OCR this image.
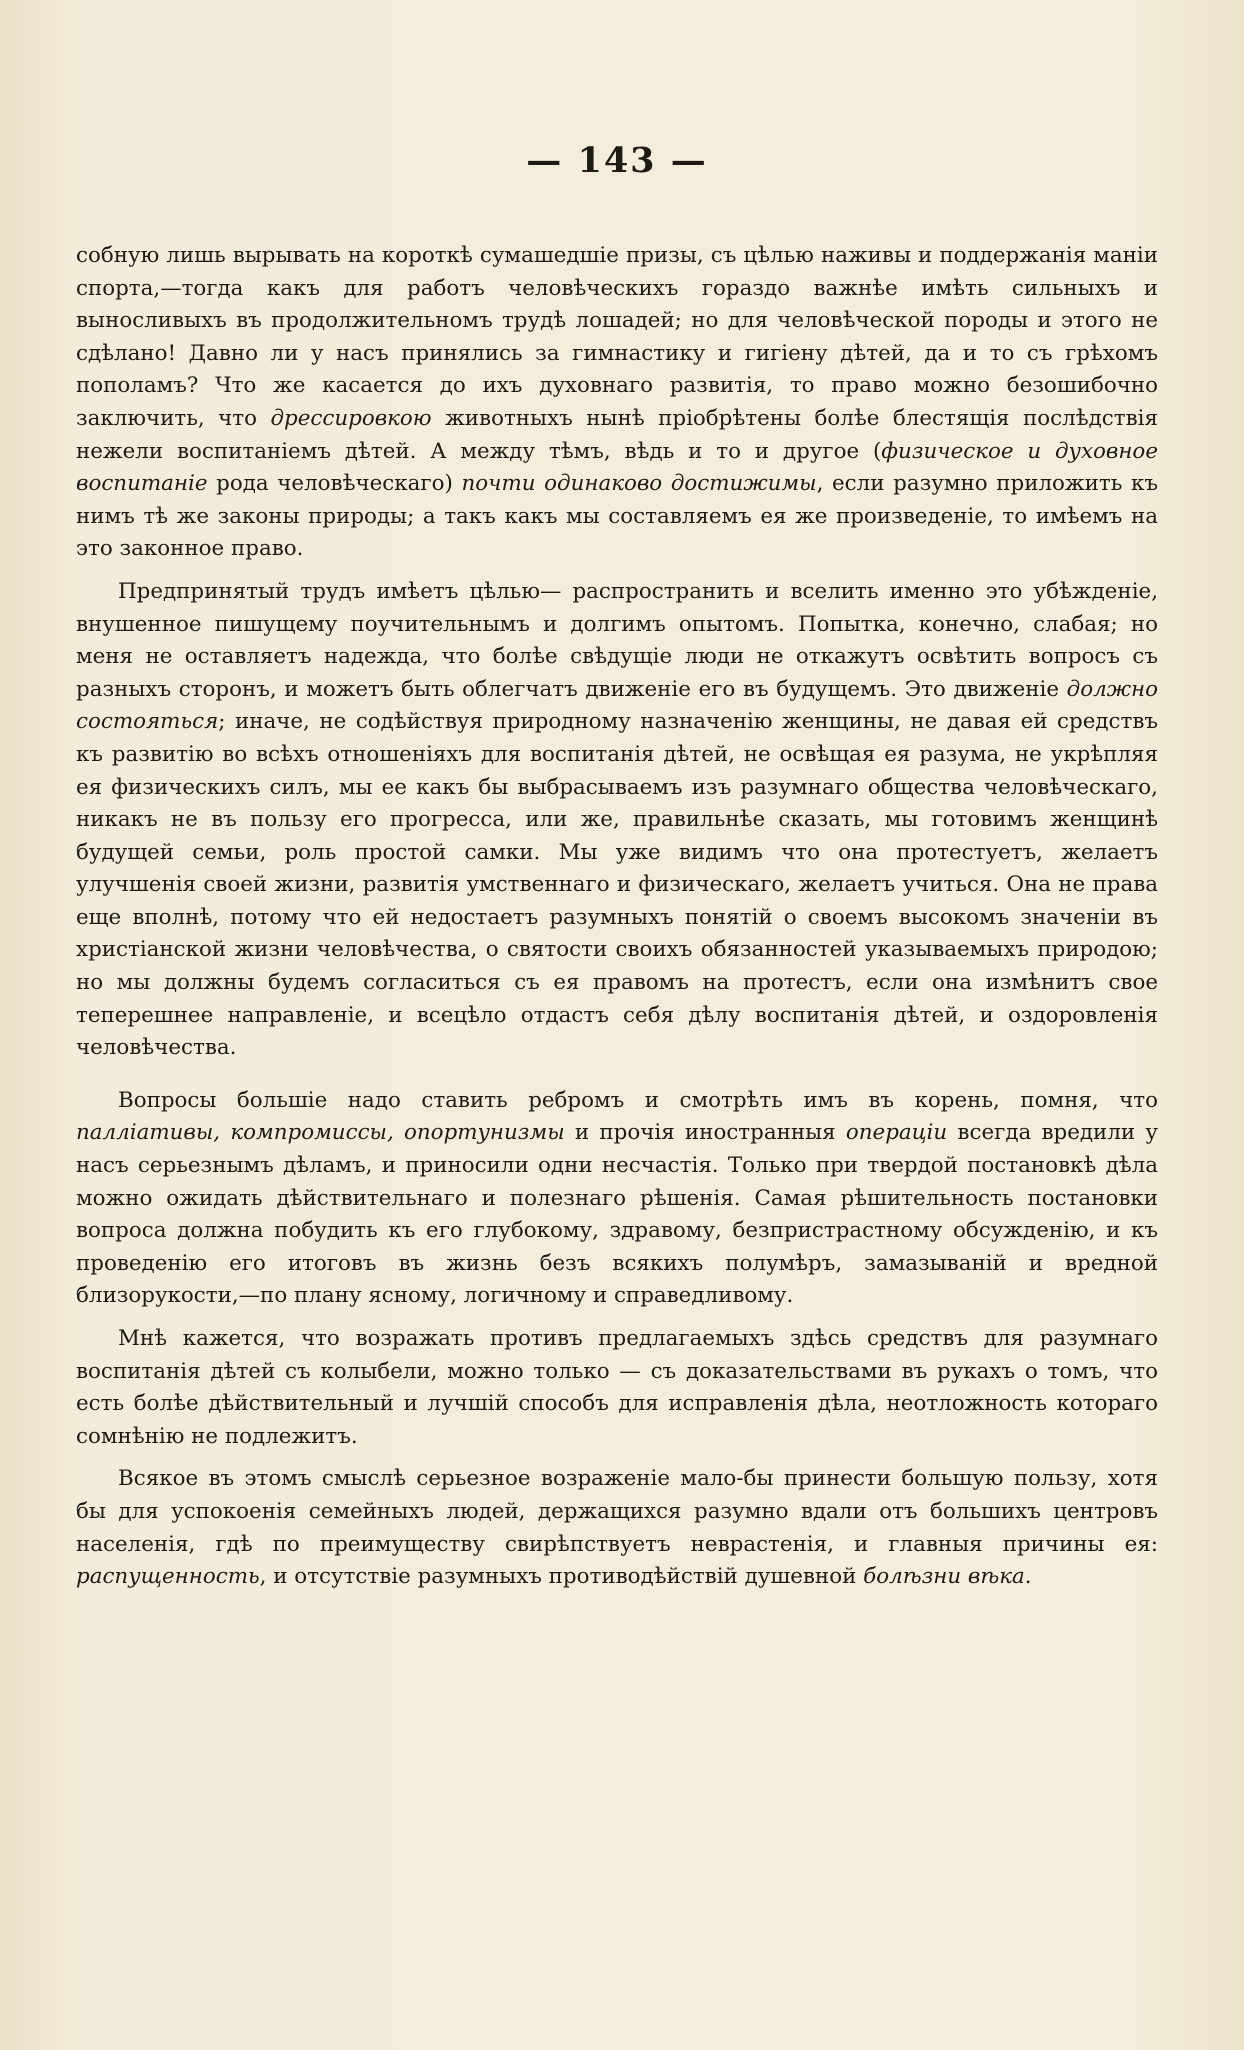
— 143 —

собную лишь вырывать на короткѣ сумашедшіе призы, съ цѣлью наживы и поддержанія маніи спорта,—тогда какъ для работъ человѣческихъ гораздо важнѣе имѣть сильныхъ и выносливыхъ въ продолжительномъ трудѣ лошадей; но для человѣческой породы и этого не сдѣлано! Давно ли у насъ принялись за гимнастику и гигіену дѣтей, да и то съ грѣхомъ пополамъ? Что же касается до ихъ духовнаго развитія, то право можно безошибочно заключить, что дрессировкою животныхъ нынѣ пріобрѣтены болѣе блестящія послѣдствія нежели воспитаніемъ дѣтей. А между тѣмъ, вѣдь и то и другое (физическое и духовное воспитаніе рода человѣческаго) почти одинаково достижимы, если разумно приложить къ нимъ тѣ же законы природы; а такъ какъ мы составляемъ ея же произведеніе, то имѣемъ на это законное право.

Предпринятый трудъ имѣетъ цѣлью— распространить и вселить именно это убѣжденіе, внушенное пишущему поучительнымъ и долгимъ опытомъ. Попытка, конечно, слабая; но меня не оставляетъ надежда, что болѣе свѣдущіе люди не откажутъ освѣтить вопросъ съ разныхъ сторонъ, и можетъ быть облегчатъ движеніе его въ будущемъ. Это движеніе должно состояться; иначе, не содѣйствуя природному назначенію женщины, не давая ей средствъ къ развитію во всѣхъ отношеніяхъ для воспитанія дѣтей, не освѣщая ея разума, не укрѣпляя ея физическихъ силъ, мы ее какъ бы выбрасываемъ изъ разумнаго общества человѣческаго, никакъ не въ пользу его прогресса, или же, правильнѣе сказать, мы готовимъ женщинѣ будущей семьи, роль простой самки. Мы уже видимъ что она протестуетъ, желаетъ улучшенія своей жизни, развитія умственнаго и физическаго, желаетъ учиться. Она не права еще вполнѣ, потому что ей недостаетъ разумныхъ понятій о своемъ высокомъ значеніи въ христіанской жизни человѣчества, о святости своихъ обязанностей указываемыхъ природою; но мы должны будемъ согласиться съ ея правомъ на протестъ, если она измѣнитъ свое теперешнее направленіе, и всецѣло отдастъ себя дѣлу воспитанія дѣтей, и оздоровленія человѣчества.

Вопросы большіе надо ставить ребромъ и смотрѣть имъ въ корень, помня, что палліативы, компромиссы, опортунизмы и прочія иностранныя операціи всегда вредили у насъ серьезнымъ дѣламъ, и приносили одни несчастія. Только при твердой постановкѣ дѣла можно ожидать дѣйствительнаго и полезнаго рѣшенія. Самая рѣшительность постановки вопроса должна побудить къ его глубокому, здравому, безпристрастному обсужденію, и къ проведенію его итоговъ въ жизнь безъ всякихъ полумѣръ, замазываній и вредной близорукости,—по плану ясному, логичному и справедливому.

Мнѣ кажется, что возражать противъ предлагаемыхъ здѣсь средствъ для разумнаго воспитанія дѣтей съ колыбели, можно только — съ доказательствами въ рукахъ о томъ, что есть болѣе дѣйствительный и лучшій способъ для исправленія дѣла, неотложность котораго сомнѣнію не подлежитъ.

Всякое въ этомъ смыслѣ серьезное возраженіе мало-бы принести большую пользу, хотя бы для успокоенія семейныхъ людей, держащихся разумно вдали отъ большихъ центровъ населенія, гдѣ по преимуществу свирѣпствуетъ неврастенія, и главныя причины ея: распущенность, и отсутствіе разумныхъ противодѣйствій душевной болѣзни вѣка.
